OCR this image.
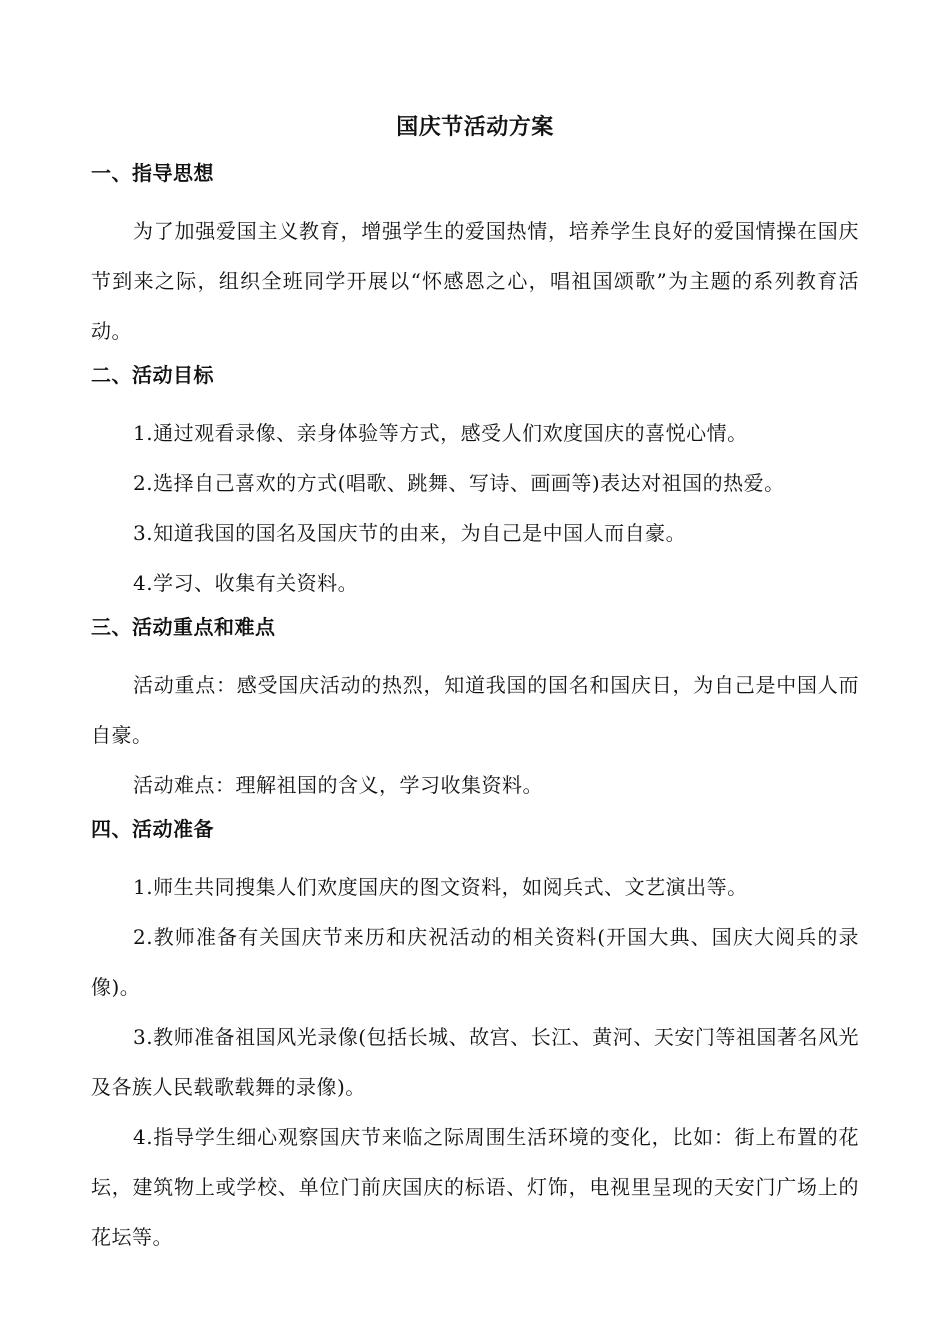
国庆节活动方案
一、指导思想

为了加强爱国主义教育，增强学生的爱国热情，培养学生良好的爱国情操在国庆节到来之际，组织全班同学开展以“怀感恩之心，唱祖国颂歌”为主题的系列教育活动。

二、活动目标

1.通过观看录像、亲身体验等方式，感受人们欢度国庆的喜悦心情。

2.选择自己喜欢的方式(唱歌、跳舞、写诗、画画等)表达对祖国的热爱。

3.知道我国的国名及国庆节的由来，为自己是中国人而自豪。

4.学习、收集有关资料。

三、活动重点和难点

活动重点：感受国庆活动的热烈，知道我国的国名和国庆日，为自己是中国人而自豪。

活动难点：理解祖国的含义，学习收集资料。

四、活动准备

1.师生共同搜集人们欢度国庆的图文资料，如阅兵式、文艺演出等。

2.教师准备有关国庆节来历和庆祝活动的相关资料(开国大典、国庆大阅兵的录像)。

3.教师准备祖国风光录像(包括长城、故宫、长江、黄河、天安门等祖国著名风光及各族人民载歌载舞的录像)。

4.指导学生细心观察国庆节来临之际周围生活环境的变化，比如：街上布置的花坛，建筑物上或学校、单位门前庆国庆的标语、灯饰，电视里呈现的天安门广场上的花坛等。
